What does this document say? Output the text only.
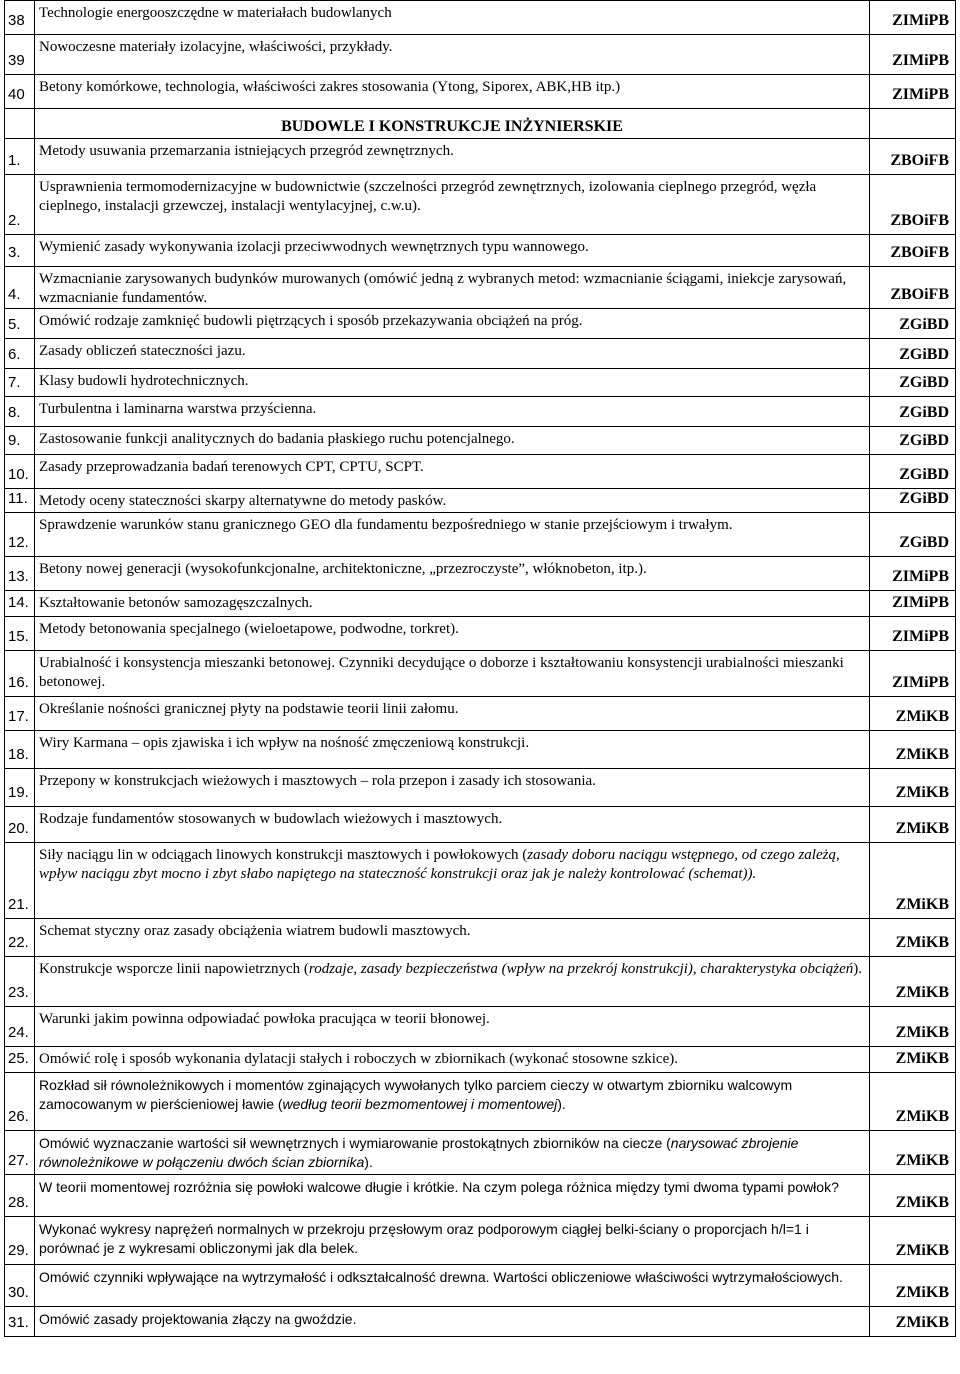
38	Technologie energooszczędne w materiałach budowlanych	ZIMiPB
39	Nowoczesne materiały izolacyjne, właściwości, przykłady.	ZIMiPB
40	Betony komórkowe, technologia, właściwości zakres stosowania (Ytong, Siporex, ABK,HB itp.)	ZIMiPB
	BUDOWLE I KONSTRUKCJE INŻYNIERSKIE	
1.	Metody usuwania przemarzania istniejących przegród zewnętrznych.	ZBOiFB
2.	Usprawnienia termomodernizacyjne w budownictwie (szczelności przegród zewnętrznych, izolowania cieplnego przegród, węzła cieplnego, instalacji grzewczej, instalacji wentylacyjnej, c.w.u).	ZBOiFB
3.	Wymienić zasady wykonywania izolacji przeciwwodnych wewnętrznych typu wannowego.	ZBOiFB
4.	Wzmacnianie zarysowanych budynków murowanych (omówić jedną z wybranych metod: wzmacnianie ściągami, iniekcje zarysowań, wzmacnianie fundamentów.	ZBOiFB
5.	Omówić rodzaje zamknięć budowli piętrzących i sposób przekazywania obciążeń na próg.	ZGiBD
6.	Zasady obliczeń stateczności jazu.	ZGiBD
7.	Klasy budowli hydrotechnicznych.	ZGiBD
8.	Turbulentna i laminarna warstwa przyścienna.	ZGiBD
9.	Zastosowanie funkcji analitycznych do badania płaskiego ruchu potencjalnego.	ZGiBD
10.	Zasady przeprowadzania badań terenowych CPT, CPTU, SCPT.	ZGiBD
11.	Metody oceny stateczności skarpy alternatywne do metody pasków.	ZGiBD
12.	Sprawdzenie warunków stanu granicznego GEO dla fundamentu bezpośredniego w stanie przejściowym i trwałym.	ZGiBD
13.	Betony nowej generacji (wysokofunkcjonalne, architektoniczne, „przezroczyste”, włóknobeton, itp.).	ZIMiPB
14.	Kształtowanie betonów samozagęszczalnych.	ZIMiPB
15.	Metody betonowania specjalnego (wieloetapowe, podwodne, torkret).	ZIMiPB
16.	Urabialność i konsystencja mieszanki betonowej. Czynniki decydujące o doborze i kształtowaniu konsystencji urabialności mieszanki betonowej.	ZIMiPB
17.	Określanie nośności granicznej płyty na podstawie teorii linii załomu.	ZMiKB
18.	Wiry Karmana – opis zjawiska i ich wpływ na nośność zmęczeniową konstrukcji.	ZMiKB
19.	Przepony w konstrukcjach wieżowych i masztowych – rola przepon i zasady ich stosowania.	ZMiKB
20.	Rodzaje fundamentów stosowanych w budowlach wieżowych i masztowych.	ZMiKB
21.	Siły naciągu lin w odciągach linowych konstrukcji masztowych i powłokowych (zasady doboru naciągu wstępnego, od czego zależą, wpływ naciągu zbyt mocno i zbyt słabo napiętego na stateczność konstrukcji oraz jak je należy kontrolować (schemat)).	ZMiKB
22.	Schemat styczny oraz zasady obciążenia wiatrem budowli masztowych.	ZMiKB
23.	Konstrukcje wsporcze linii napowietrznych (rodzaje, zasady bezpieczeństwa (wpływ na przekrój konstrukcji), charakterystyka obciążeń).	ZMiKB
24.	Warunki jakim powinna odpowiadać powłoka pracująca w teorii błonowej.	ZMiKB
25.	Omówić rolę i sposób wykonania dylatacji stałych i roboczych w zbiornikach (wykonać stosowne szkice).	ZMiKB
26.	Rozkład sił równoleżnikowych i momentów zginających wywołanych tylko parciem cieczy w otwartym zbiorniku walcowym zamocowanym w pierścieniowej ławie (według teorii bezmomentowej i momentowej).	ZMiKB
27.	Omówić wyznaczanie wartości sił wewnętrznych i wymiarowanie prostokątnych zbiorników na ciecze (narysować zbrojenie równoleżnikowe w połączeniu dwóch ścian zbiornika).	ZMiKB
28.	W teorii momentowej rozróżnia się powłoki walcowe długie i krótkie. Na czym polega różnica między tymi dwoma typami powłok?	ZMiKB
29.	Wykonać wykresy naprężeń normalnych w przekroju przęsłowym oraz podporowym ciągłej belki-ściany o proporcjach h/l=1 i porównać je z wykresami obliczonymi jak dla belek.	ZMiKB
30.	Omówić czynniki wpływające na wytrzymałość i odkształcalność drewna. Wartości obliczeniowe właściwości wytrzymałościowych.	ZMiKB
31.	Omówić zasady projektowania złączy na gwoździe.	ZMiKB
